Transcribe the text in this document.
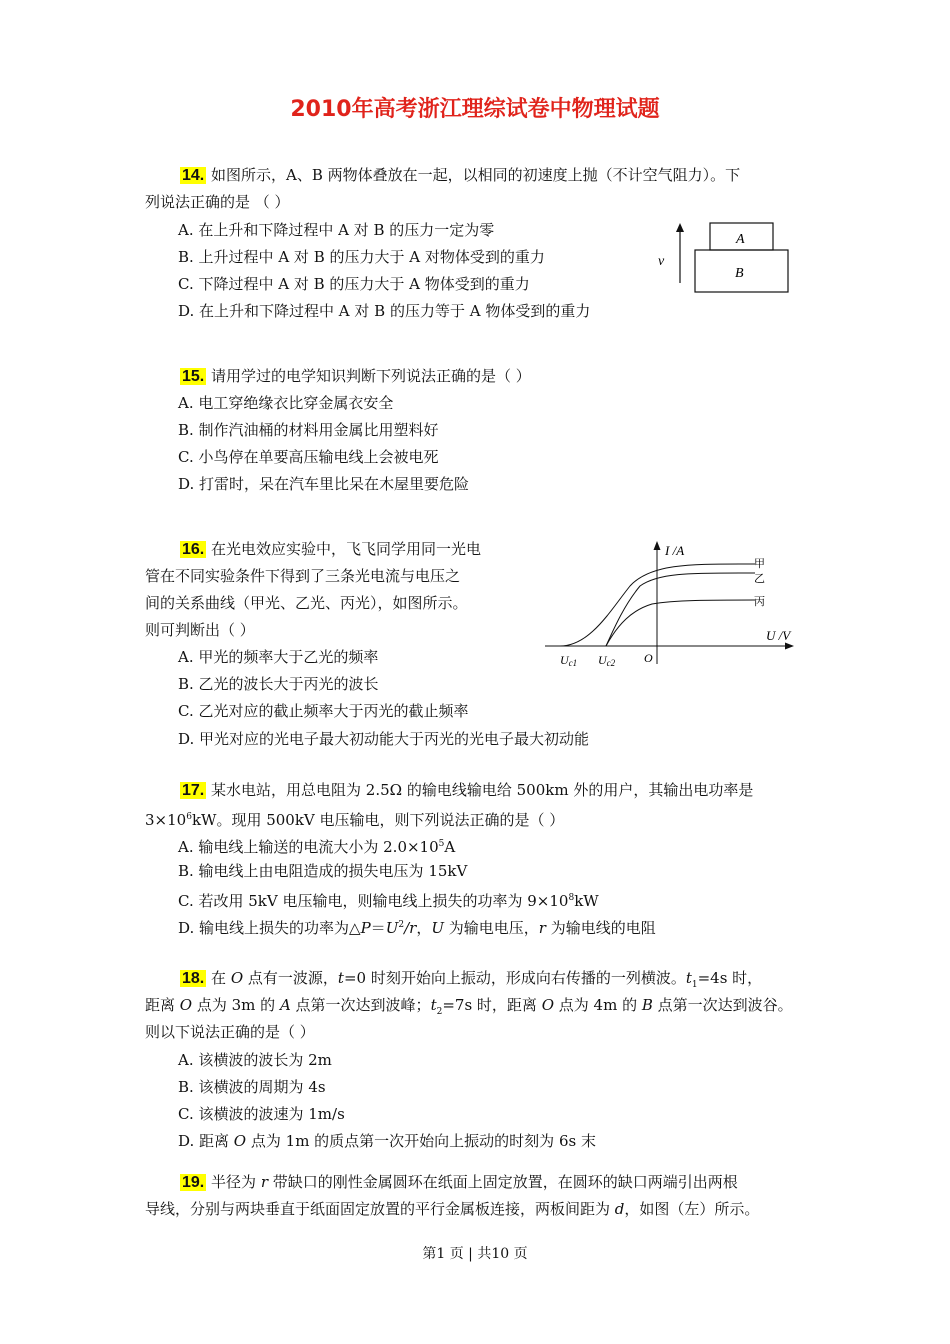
2010年高考浙江理综试卷中物理试题
14. 如图所示，A、B 两物体叠放在一起，以相同的初速度上抛（不计空气阻力）。下
列说法正确的是 （ ）
A. 在上升和下降过程中 A 对 B 的压力一定为零
B. 上升过程中 A 对 B 的压力大于 A 对物体受到的重力
C. 下降过程中 A 对 B 的压力大于 A 物体受到的重力
D. 在上升和下降过程中 A 对 B 的压力等于 A 物体受到的重力
v
A
B
15. 请用学过的电学知识判断下列说法正确的是（ ）
A. 电工穿绝缘衣比穿金属衣安全
B. 制作汽油桶的材料用金属比用塑料好
C. 小鸟停在单要高压输电线上会被电死
D. 打雷时，呆在汽车里比呆在木屋里要危险
16. 在光电效应实验中，飞飞同学用同一光电
管在不同实验条件下得到了三条光电流与电压之
间的关系曲线（甲光、乙光、丙光），如图所示。
则可判断出（ ）
A. 甲光的频率大于乙光的频率
B. 乙光的波长大于丙光的波长
C. 乙光对应的截止频率大于丙光的截止频率
D. 甲光对应的光电子最大初动能大于丙光的光电子最大初动能
I /A
U /V
甲
乙
丙
Uc1 Uc2 O
17. 某水电站，用总电阻为 2.5Ω 的输电线输电给 500km 外的用户，其输出电功率是
$3\times 10^6kW$。现用 500kV 电压输电，则下列说法正确的是（ ）
A. 输电线上输送的电流大小为 $2.0\times 10^5A$
B. 输电线上由电阻造成的损失电压为 15kV
C. 若改用 5kV 电压输电，则输电线上损失的功率为 $9\times 10^8kW$
D. 输电线上损失的功率为$\triangle P=U^2/r$，U 为输电电压，r 为输电线的电阻
18. 在 O 点有一波源，t=0 时刻开始向上振动，形成向右传播的一列横波。$t_1=4s$ 时，
距离 O 点为 3m 的 A 点第一次达到波峰；$t_2=7s$ 时，距离 O 点为 4m 的 B 点第一次达到波谷。
则以下说法正确的是（ ）
A. 该横波的波长为 2m
B. 该横波的周期为 4s
C. 该横波的波速为 1m/s
D. 距离 O 点为 1m 的质点第一次开始向上振动的时刻为 6s 末
19. 半径为 r 带缺口的刚性金属圆环在纸面上固定放置，在圆环的缺口两端引出两根
导线，分别与两块垂直于纸面固定放置的平行金属板连接，两板间距为 d，如图（左）所示。
第1 页 | 共10 页
